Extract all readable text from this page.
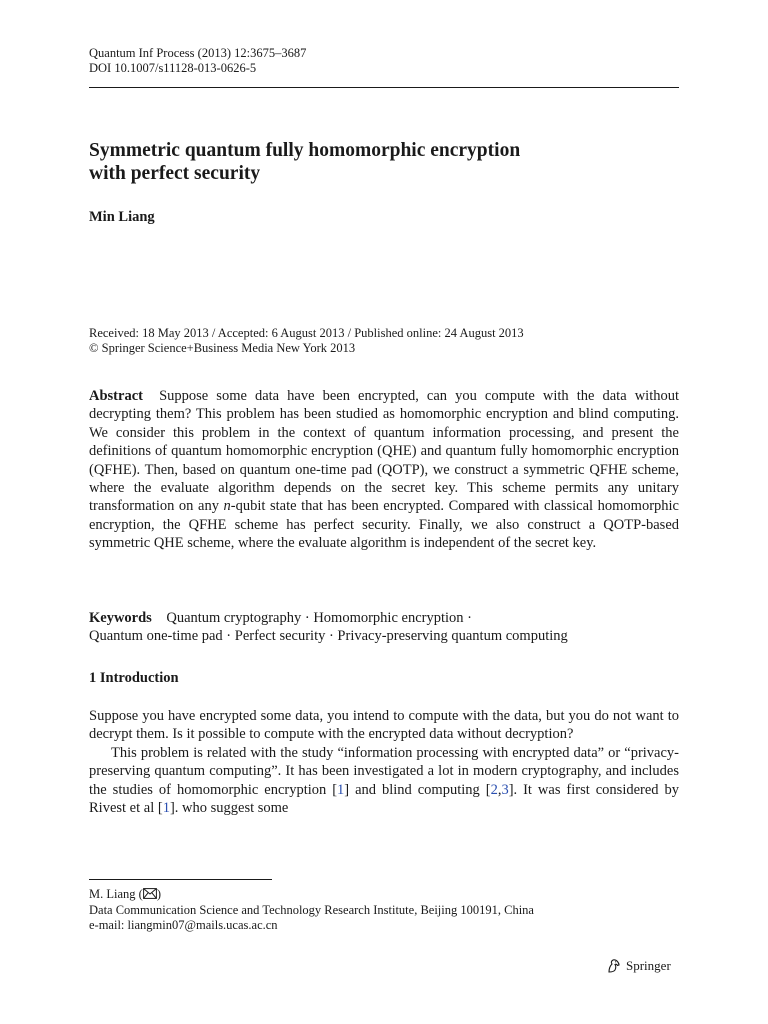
Quantum Inf Process (2013) 12:3675–3687
DOI 10.1007/s11128-013-0626-5
Symmetric quantum fully homomorphic encryption
with perfect security
Min Liang
Received: 18 May 2013 / Accepted: 6 August 2013 / Published online: 24 August 2013
© Springer Science+Business Media New York 2013
Abstract Suppose some data have been encrypted, can you compute with the data without decrypting them? This problem has been studied as homomorphic encryption and blind computing. We consider this problem in the context of quantum information processing, and present the definitions of quantum homomorphic encryption (QHE) and quantum fully homomorphic encryption (QFHE). Then, based on quantum one-time pad (QOTP), we construct a symmetric QFHE scheme, where the evaluate algorithm depends on the secret key. This scheme permits any unitary transformation on any n-qubit state that has been encrypted. Compared with classical homomorphic encryption, the QFHE scheme has perfect security. Finally, we also construct a QOTP-based symmetric QHE scheme, where the evaluate algorithm is independent of the secret key.
Keywords Quantum cryptography · Homomorphic encryption ·
Quantum one-time pad · Perfect security · Privacy-preserving quantum computing
1 Introduction

Suppose you have encrypted some data, you intend to compute with the data, but you do not want to decrypt them. Is it possible to compute with the encrypted data without decryption?

This problem is related with the study “information processing with encrypted data” or “privacy-preserving quantum computing”. It has been investigated a lot in modern cryptography, and includes the studies of homomorphic encryption [1] and blind computing [2,3]. It was first considered by Rivest et al [1]. who suggest some

M. Liang ( )
Data Communication Science and Technology Research Institute, Beijing 100191, China
e-mail: liangmin07@mails.ucas.ac.cn
Springer
